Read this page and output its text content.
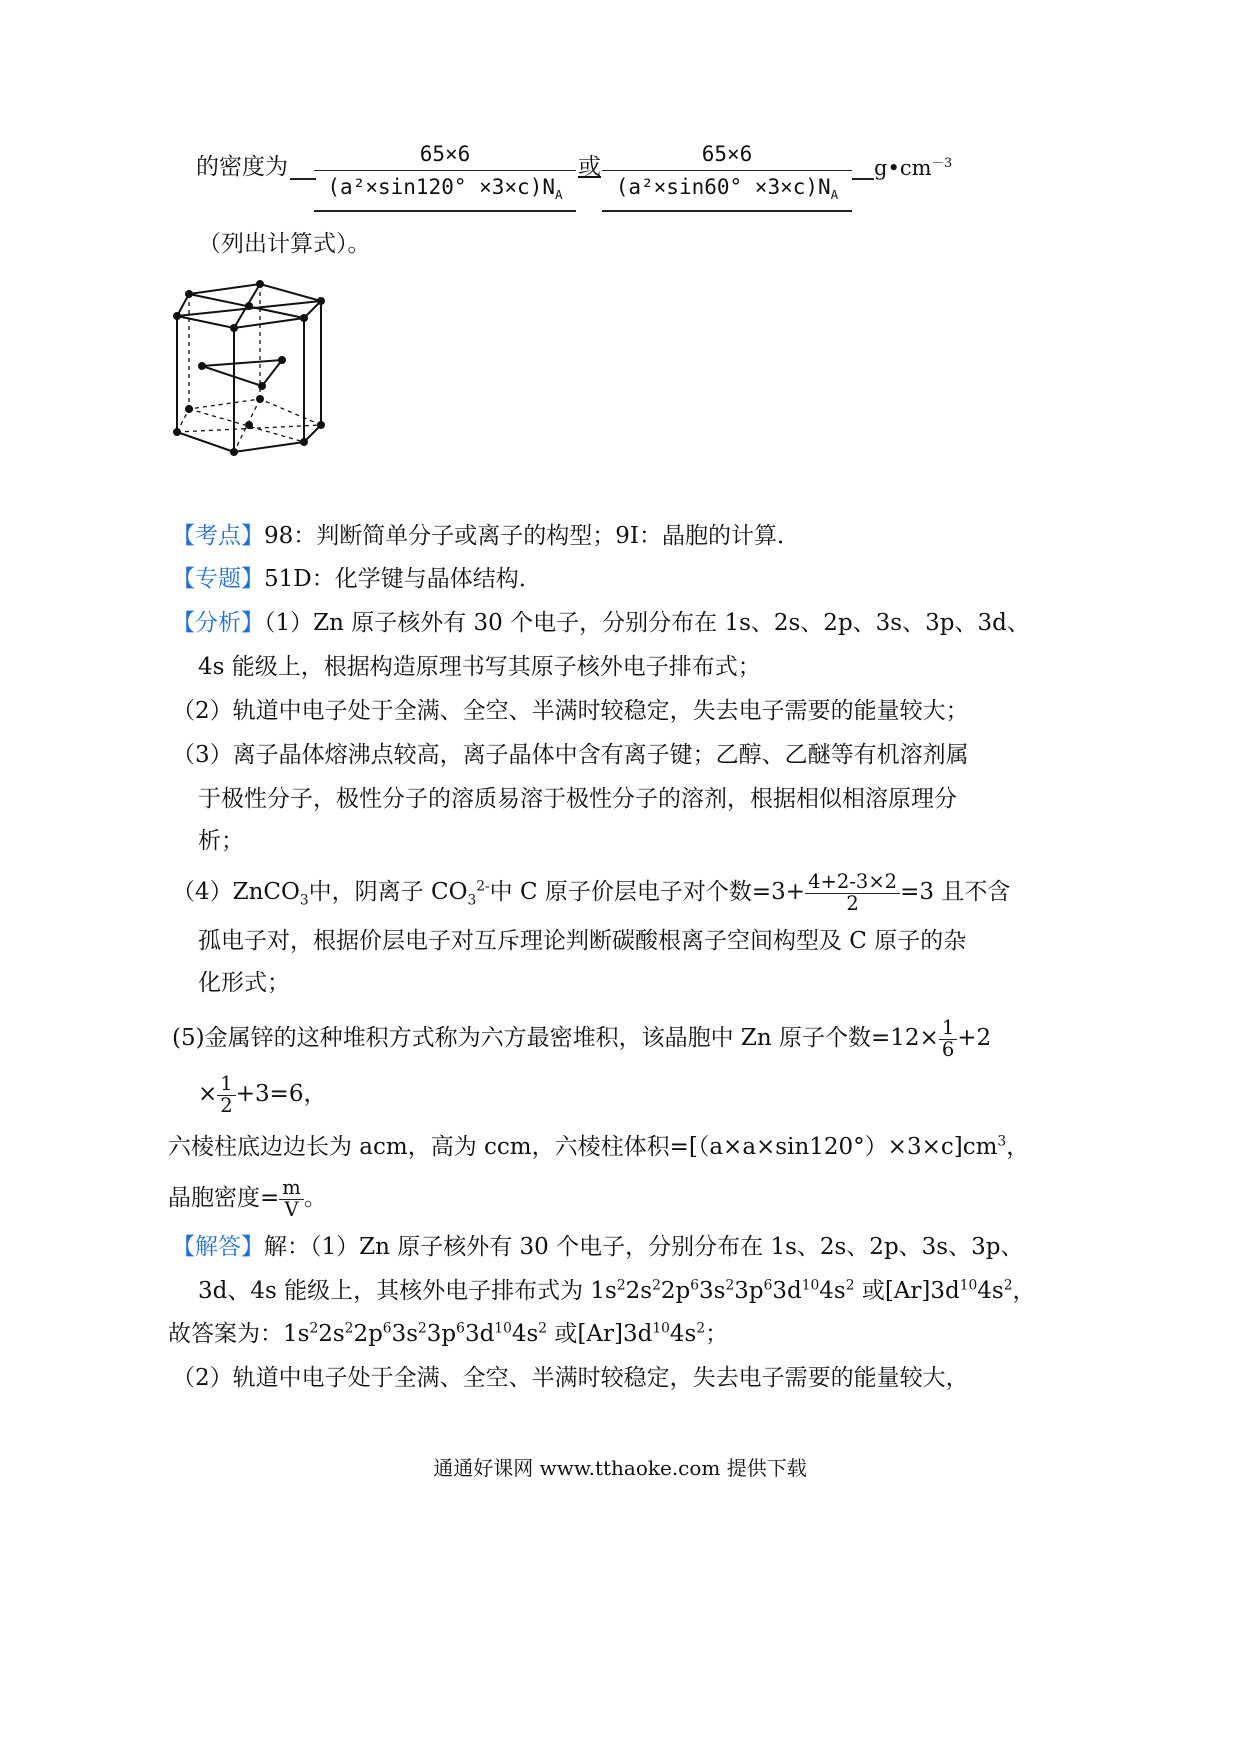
的密度为	65×6
$(a^2\times\sin 120^\circ \times 3\times c)N_A$
或	65×6
$(a^2\times\sin 60^\circ \times 3\times c)N_A$
$g•cm^{-3}$
（列出计算式）。
【考点】98：判断简单分子或离子的构型；9I：晶胞的计算．
【专题】51D：化学键与晶体结构．
【分析】（1）Zn 原子核外有 30 个电子，分别分布在 1s、2s、2p、3s、3p、3d、
4s 能级上，根据构造原理书写其原子核外电子排布式；
（2）轨道中电子处于全满、全空、半满时较稳定，失去电子需要的能量较大；
（3）离子晶体熔沸点较高，离子晶体中含有离子键；乙醇、乙醚等有机溶剂属
于极性分子，极性分子的溶质易溶于极性分子的溶剂，根据相似相溶原理分
析；
（4）ZnCO$_3$中，阴离子 $CO_3^{2-}$中 C 原子价层电子对个数$=3+ \frac{4+2-3\times 2}{2} =3$ 且不含
孤电子对，根据价层电子对互斥理论判断碳酸根离子空间构型及 C 原子的杂
化形式；
(5)金属锌的这种堆积方式称为六方最密堆积，该晶胞中 Zn 原子个数$=12\times \frac{1}{6} +2$
× $\frac{1}{2} +3=6$，
六棱柱底边边长为 acm，高为 ccm，六棱柱体积$=[(a\times a\times\sin 120^\circ)\times 3\times c]cm^3$，
晶胞密度= $\frac{m}{V}$ 。
【解答】解：（1）Zn 原子核外有 30 个电子，分别分布在 1s、2s、2p、3s、3p、
3d、4s 能级上，其核外电子排布式为 $1s^22s^22p^63s^23p^63d^{10}4s^2$ 或$[Ar]3d^{10}4s^2$，
故答案为：$1s^22s^22p^63s^23p^63d^{10}4s^2$ 或$[Ar]3d^{10}4s^2$；
（2）轨道中电子处于全满、全空、半满时较稳定，失去电子需要的能量较大，
通通好课网 www.tthaoke.com 提供下载
